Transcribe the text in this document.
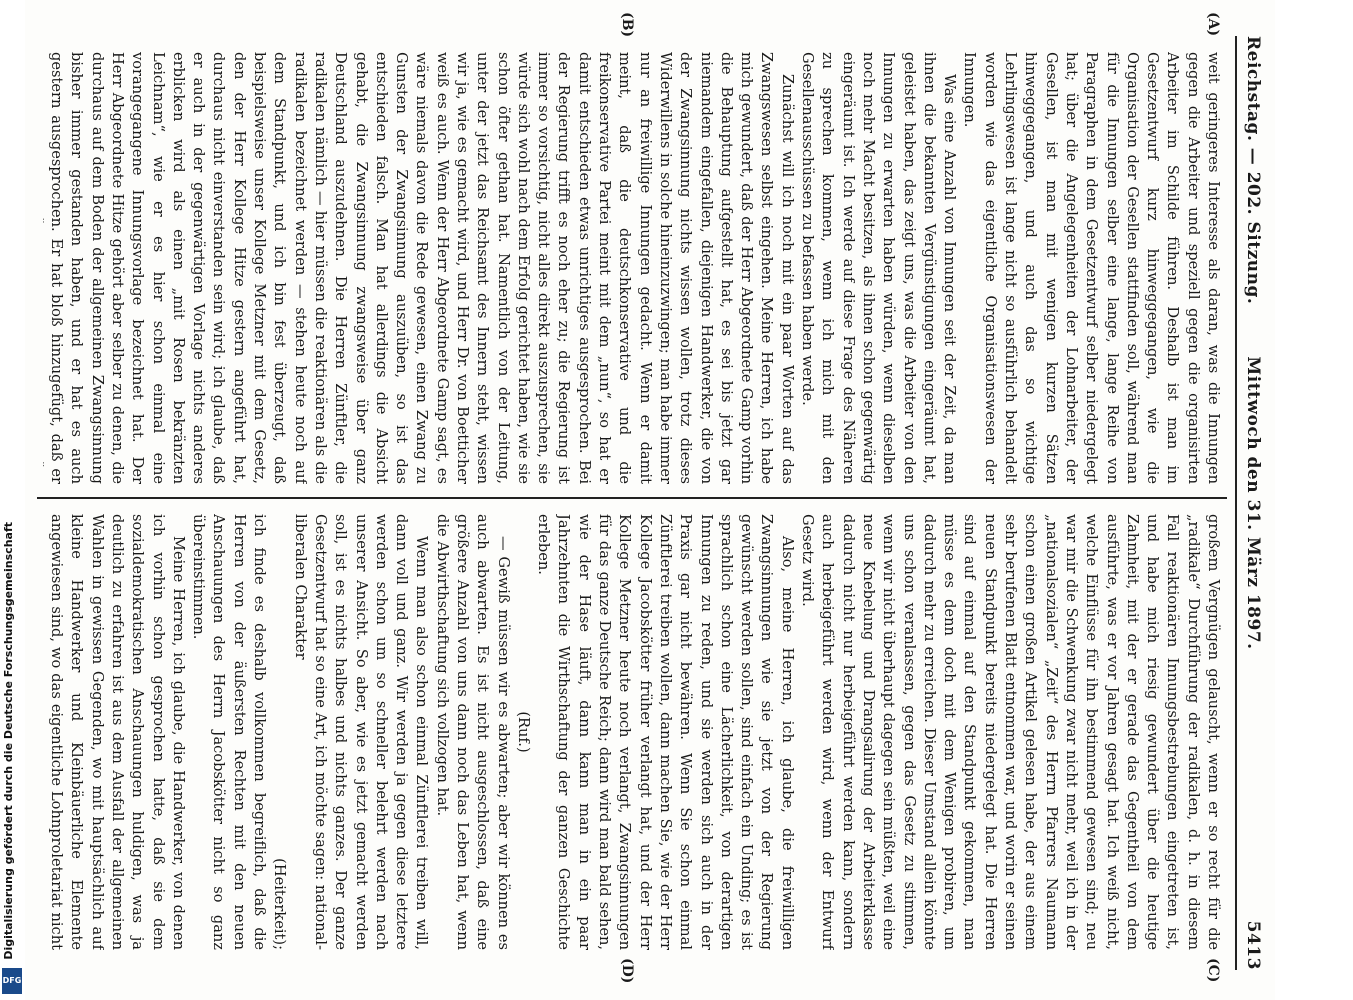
Digitalisierung gefördert durch die Deutsche Forschungsgemeinschaft
DFG
Reichstag. — 202. Sitzung.
Mittwoch den 31. März 1897.
5413
(A)
(B)
(C)
(D)

weit geringeres Interesse als daran, was die Innungen gegen die Arbeiter und speziell gegen die organisirten Arbeiter im Schilde führen. Deshalb ist man im Gesetzentwurf kurz hinweggegangen, wie die Organisation der Gesellen stattfinden soll, während man für die Innungen selber eine lange, lange Reihe von Paragraphen in dem Gesetzentwurf selber niedergelegt hat; über die Angelegenheiten der Lohnarbeiter, der Gesellen, ist man mit wenigen kurzen Sätzen hinweggegangen, und auch das so wichtige Lehrlingswesen ist lange nicht so ausführlich behandelt worden wie das eigentliche Organisationswesen der Innungen.

Was eine Anzahl von Innungen seit der Zeit, da man ihnen die bekannten Vergünstigungen eingeräumt hat, geleistet haben, das zeigt uns, was die Arbeiter von den Innungen zu erwarten haben würden, wenn dieselben noch mehr Macht besitzen, als ihnen schon gegenwärtig eingeräumt ist. Ich werde auf diese Frage des Näheren zu sprechen kommen, wenn ich mich mit den Gesellenausschüssen zu befassen haben werde.

Zunächst will ich noch mit ein paar Worten auf das Zwangswesen selbst eingehen. Meine Herren, ich habe mich gewundert, daß der Herr Abgeordnete Gamp vorhin die Behauptung aufgestellt hat, es sei bis jetzt gar niemandem eingefallen, diejenigen Handwerker, die von der Zwangsinnung nichts wissen wollen, trotz dieses Widerwillens in solche hineinzuzwingen; man habe immer nur an freiwillige Innungen gedacht. Wenn er damit meint, daß die deutschkonservative und die freikonservative Partei meint mit dem „nun“, so hat er damit entschieden etwas unrichtiges ausgesprochen. Bei der Regierung trifft es noch eher zu; die Regierung ist immer so vorsichtig, nicht alles direkt auszusprechen, sie würde sich wohl nach dem Erfolg gerichtet haben, wie sie schon öfter gethan hat. Namentlich von der Leitung, unter der jetzt das Reichsamt des Innern steht, wissen wir ja, wie es gemacht wird, und Herr Dr. von Boetticher weiß es auch. Wenn der Herr Abgeordnete Gamp sagt, es wäre niemals davon die Rede gewesen, einen Zwang zu Gunsten der Zwangsinnung auszuüben, so ist das entschieden falsch. Man hat allerdings die Absicht gehabt, die Zwangsinnung zwangsweise über ganz Deutschland auszudehnen. Die Herren Zünftler, die radikalen nämlich — hier müssen die reaktionären als die radikalen bezeichnet werden — stehen heute noch auf dem Standpunkt, und ich bin fest überzeugt, daß beispielsweise unser Kollege Metzner mit dem Gesetz, den der Herr Kollege Hitze gestern angeführt hat, durchaus nicht einverstanden sein wird; ich glaube, daß er auch in der gegenwärtigen Vorlage nichts anderes erblicken wird als einen „mit Rosen bekränzten Leichnam“, wie er es hier schon einmal eine vorangegangene Innungsvorlage bezeichnet hat. Der Herr Abgeordnete Hitze gehört aber selber zu denen, die durchaus auf dem Boden der allgemeinen Zwangsinnung bisher immer gestanden haben, und er hat es auch gestern ausgesprochen. Er hat bloß hinzugefügt, daß er

großem Vergnügen gelauscht, wenn er so recht für die „radikale“ Durchführung der radikalen, d. h. in diesem Fall reaktionären Innungsbestrebungen eingetreten ist, und habe mich riesig gewundert über die heutige Zahmheit, mit der er gerade das Gegentheil von dem ausführte, was er vor Jahren gesagt hat. Ich weiß nicht, welche Einflüsse für ihn bestimmend gewesen sind; neu war mir die Schwenkung zwar nicht mehr, weil ich in der „nationalsozialen“ „Zeit“ des Herrn Pfarrers Naumann schon einen großen Artikel gelesen habe, der aus einem sehr berufenen Blatt entnommen war, und worin er seinen neuen Standpunkt bereits niedergelegt hat. Die Herren sind auf einmal auf den Standpunkt gekommen, man müsse es denn doch mit dem Wenigen probiren, um dadurch mehr zu erreichen. Dieser Umstand allein könnte uns schon veranlassen, gegen das Gesetz zu stimmen, wenn wir nicht überhaupt dagegen sein müßten, weil eine neue Knebelung und Drangsalirung der Arbeiterklasse dadurch nicht nur herbeigeführt werden kann, sondern auch herbeigeführt werden wird, wenn der Entwurf Gesetz wird.

Also, meine Herren, ich glaube, die freiwilligen Zwangsinnungen wie sie jetzt von der Regierung gewünscht werden sollen, sind einfach ein Unding; es ist sprachlich schon eine Lächerlichkeit, von derartigen Innungen zu reden, und sie werden sich auch in der Praxis gar nicht bewähren. Wenn Sie schon einmal Zünftlerei treiben wollen, dann machen Sie, wie der Herr Kollege Jacobskötter früher verlangt hat, und der Herr Kollege Metzner heute noch verlangt, Zwangsinnungen für das ganze Deutsche Reich; dann wird man bald sehen, wie der Hase läuft, dann kann man in ein paar Jahrzehnten die Wirthschaftung der ganzen Geschichte erleben.

(Ruf.)

— Gewiß müssen wir es abwarten; aber wir können es auch abwarten. Es ist nicht ausgeschlossen, daß eine größere Anzahl von uns dann noch das Leben hat, wenn die Abwirthschaftung sich vollzogen hat.

Wenn man also schon einmal Zünftlerei treiben will, dann voll und ganz. Wir werden ja gegen diese letztere werden schon um so schneller belehrt werden nach unserer Ansicht. So aber, wie es jetzt gemacht werden soll, ist es nichts halbes und nichts ganzes. Der ganze Gesetzentwurf hat so eine Art, ich möchte sagen: national-liberalen Charakter

(Heiterkeit);

ich finde es deshalb vollkommen begreiflich, daß die Herren von der äußersten Rechten mit den neuen Anschauungen des Herrn Jacobskötter nicht so ganz übereinstimmen.

Meine Herren, ich glaube, die Handwerker, von denen ich vorhin schon gesprochen hatte, daß sie dem sozialdemokratischen Anschauungen huldigen, was ja deutlich zu erfahren ist aus dem Ausfall der allgemeinen Wahlen in gewissen Gegenden, wo mit hauptsächlich auf kleine Handwerker und Kleinbäuerliche Elemente angewiesen sind, wo das eigentliche Lohnproletariat nicht
